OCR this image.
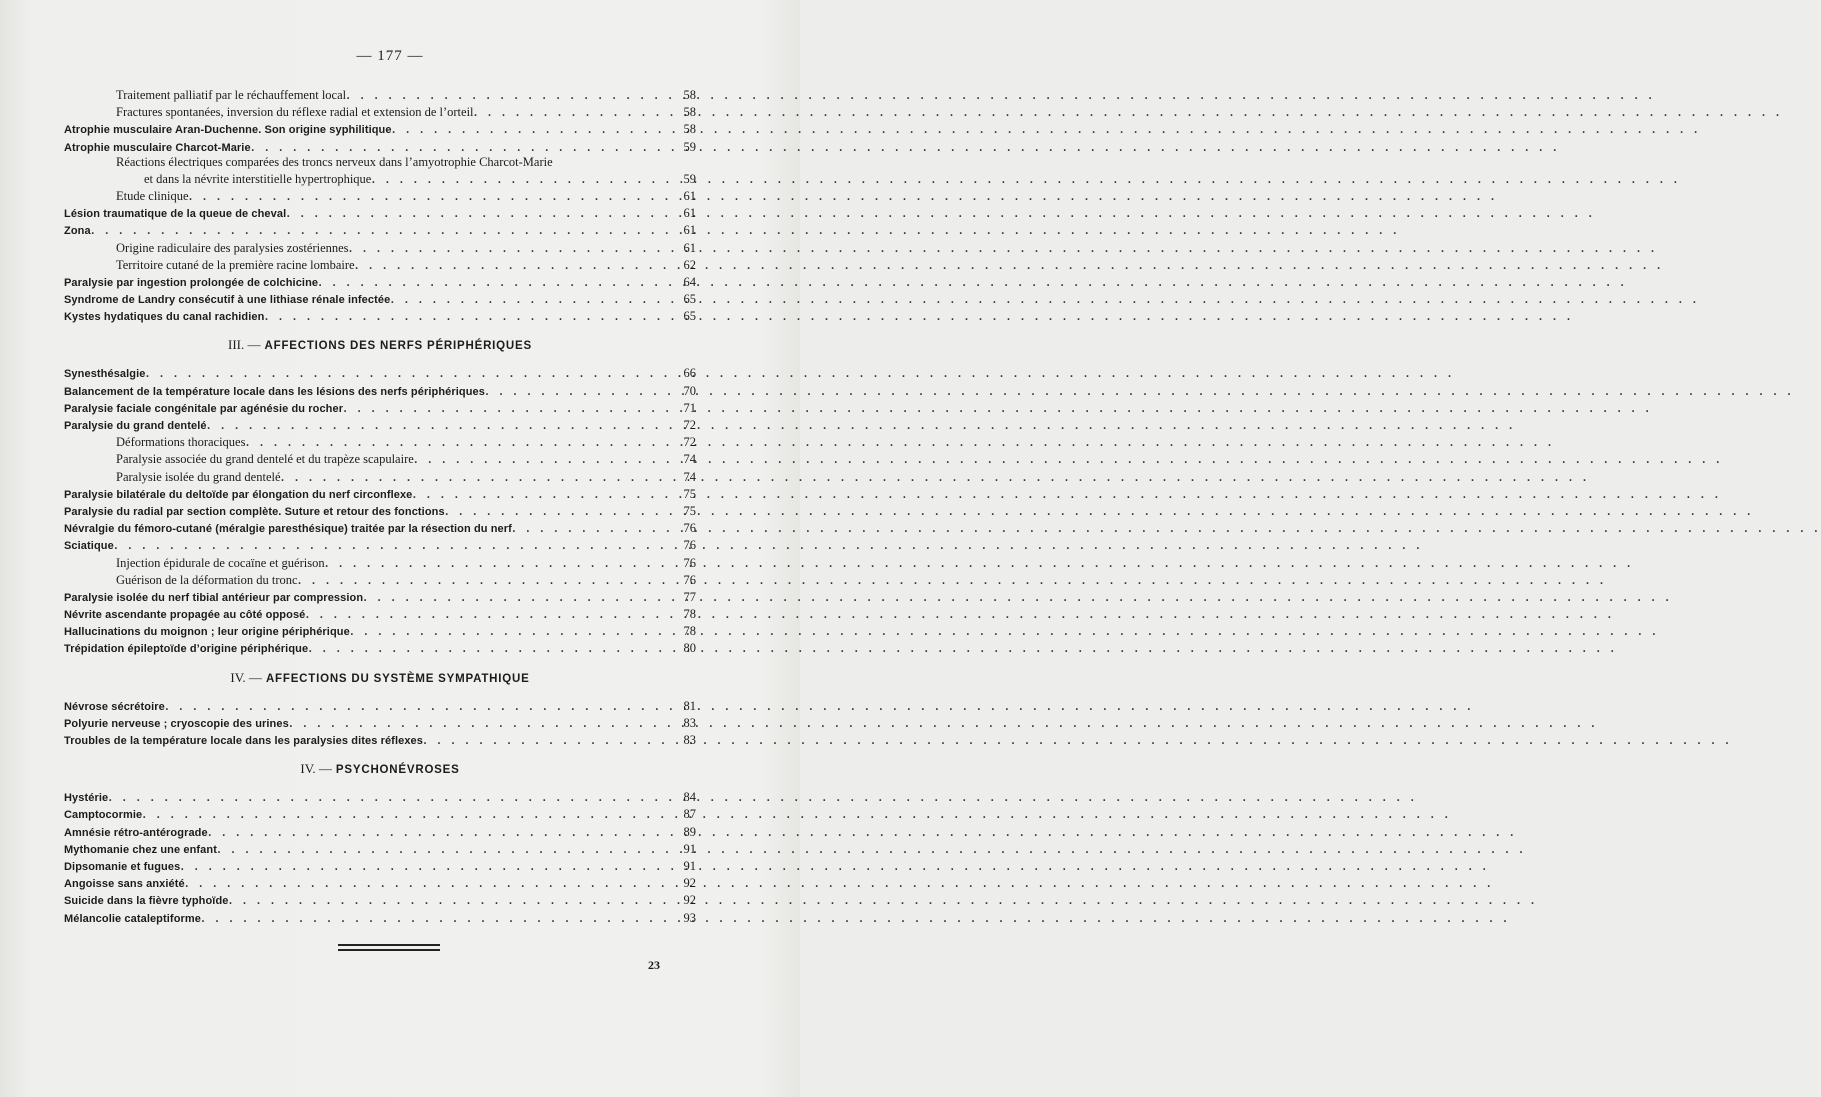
— 177 —
Traitement palliatif par le réchauffement local . . .	58
Fractures spontanées, inversion du réflexe radial et extension de l’orteil . . .	58
Atrophie musculaire Aran-Duchenne. Son origine syphilitique . . .	58
Atrophie musculaire Charcot-Marie . . .	59
Réactions électriques comparées des troncs nerveux dans l’amyotrophie Charcot-Marie
et dans la névrite interstitielle hypertrophique . . .	59
Etude clinique . . .	61
Lésion traumatique de la queue de cheval . . .	61
Zona . . .	61
Origine radiculaire des paralysies zostériennes . . .	61
Territoire cutané de la première racine lombaire . . .	62
Paralysie par ingestion prolongée de colchicine . . .	64
Syndrome de Landry consécutif à une lithiase rénale infectée . . .	65
Kystes hydatiques du canal rachidien . . .	65
III. — AFFECTIONS DES NERFS PÉRIPHÉRIQUES
Synesthésalgie . . .	66
Balancement de la température locale dans les lésions des nerfs périphériques . . .	70
Paralysie faciale congénitale par agénésie du rocher . . .	71
Paralysie du grand dentelé . . .	72
Déformations thoraciques . . .	72
Paralysie associée du grand dentelé et du trapèze scapulaire . . .	74
Paralysie isolée du grand dentelé . . .	74
Paralysie bilatérale du deltoïde par élongation du nerf circonflexe . . .	75
Paralysie du radial par section complète. Suture et retour des fonctions . . .	75
Névralgie du fémoro-cutané (méralgie paresthésique) traitée par la résection du nerf . . .	76
Sciatique . . .	76
Injection épidurale de cocaïne et guérison . . .	76
Guérison de la déformation du tronc . . .	76
Paralysie isolée du nerf tibial antérieur par compression . . .	77
Névrite ascendante propagée au côté opposé . . .	78
Hallucinations du moignon ; leur origine périphérique . . .	78
Trépidation épileptoïde d’origine périphérique . . .	80
IV. — AFFECTIONS DU SYSTÈME SYMPATHIQUE
Névrose sécrétoire . . .	81
Polyurie nerveuse ; cryoscopie des urines . . .	83
Troubles de la température locale dans les paralysies dites réflexes . . .	83
IV. — PSYCHONÉVROSES
Hystérie . . .	84
Camptocormie . . .	87
Amnésie rétro-antérograde . . .	89
Mythomanie chez une enfant . . .	91
Dipsomanie et fugues . . .	91
Angoisse sans anxiété . . .	92
Suicide dans la fièvre typhoïde . . .	92
Mélancolie cataleptiforme . . .	93
23
